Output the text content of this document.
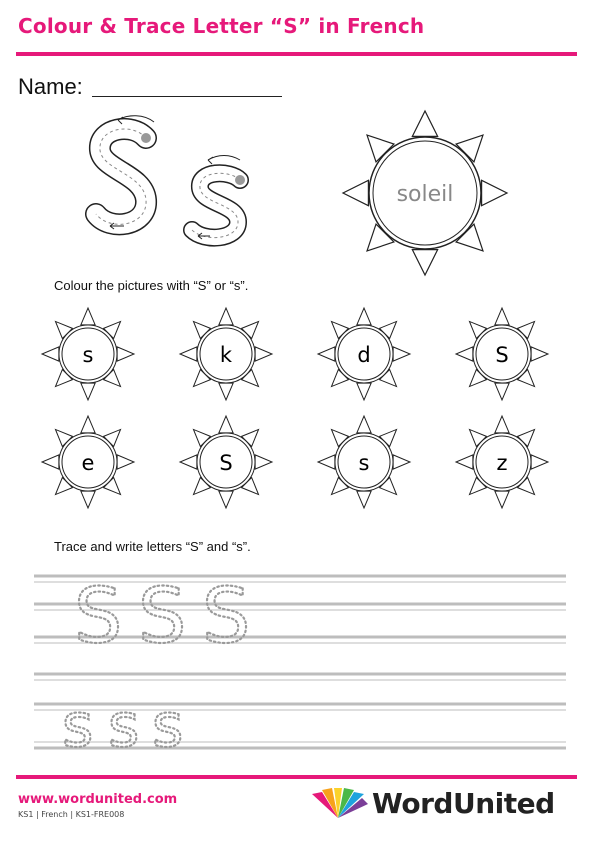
Colour & Trace Letter “S” in French
Name:
soleil
Colour the pictures with “S” or “s”.
s	k	d	S
e	S	s	z
Trace and write letters “S” and “s”.
S S S
s s s
www.wordunited.com
KS1 | French | KS1-FRE008	WordUnited
